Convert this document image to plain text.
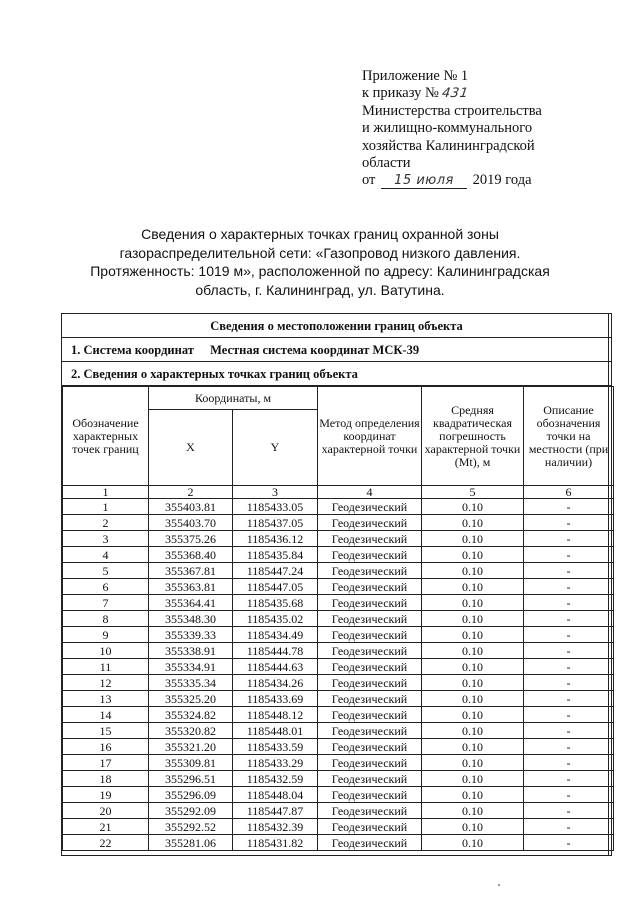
Приложение № 1
к приказу № 431
Министерства строительства
и жилищно-коммунального
хозяйства Калининградской
области
от 15 июля 2019 года
Сведения о характерных точках границ охранной зоны
газораспределительной сети: «Газопровод низкого давления.
Протяженность: 1019 м», расположенной по адресу: Калининградская
область, г. Калининград, ул. Ватутина.
Сведения о местоположении границ объекта
1. Система координат Местная система координат МСК-39
2. Сведения о характерных точках границ объекта
Обозначение характерных точек границ	Координаты, м		Метод определения координат характерной точки	Средняя квадратическая погрешность характерной точки (Mt), м	Описание обозначения точки на местности (при наличии)
	X	Y			
1	2	3	4	5	6
1	355403.81	1185433.05	Геодезический	0.10	-
2	355403.70	1185437.05	Геодезический	0.10	-
3	355375.26	1185436.12	Геодезический	0.10	-
4	355368.40	1185435.84	Геодезический	0.10	-
5	355367.81	1185447.24	Геодезический	0.10	-
6	355363.81	1185447.05	Геодезический	0.10	-
7	355364.41	1185435.68	Геодезический	0.10	-
8	355348.30	1185435.02	Геодезический	0.10	-
9	355339.33	1185434.49	Геодезический	0.10	-
10	355338.91	1185444.78	Геодезический	0.10	-
11	355334.91	1185444.63	Геодезический	0.10	-
12	355335.34	1185434.26	Геодезический	0.10	-
13	355325.20	1185433.69	Геодезический	0.10	-
14	355324.82	1185448.12	Геодезический	0.10	-
15	355320.82	1185448.01	Геодезический	0.10	-
16	355321.20	1185433.59	Геодезический	0.10	-
17	355309.81	1185433.29	Геодезический	0.10	-
18	355296.51	1185432.59	Геодезический	0.10	-
19	355296.09	1185448.04	Геодезический	0.10	-
20	355292.09	1185447.87	Геодезический	0.10	-
21	355292.52	1185432.39	Геодезический	0.10	-
22	355281.06	1185431.82	Геодезический	0.10	-
